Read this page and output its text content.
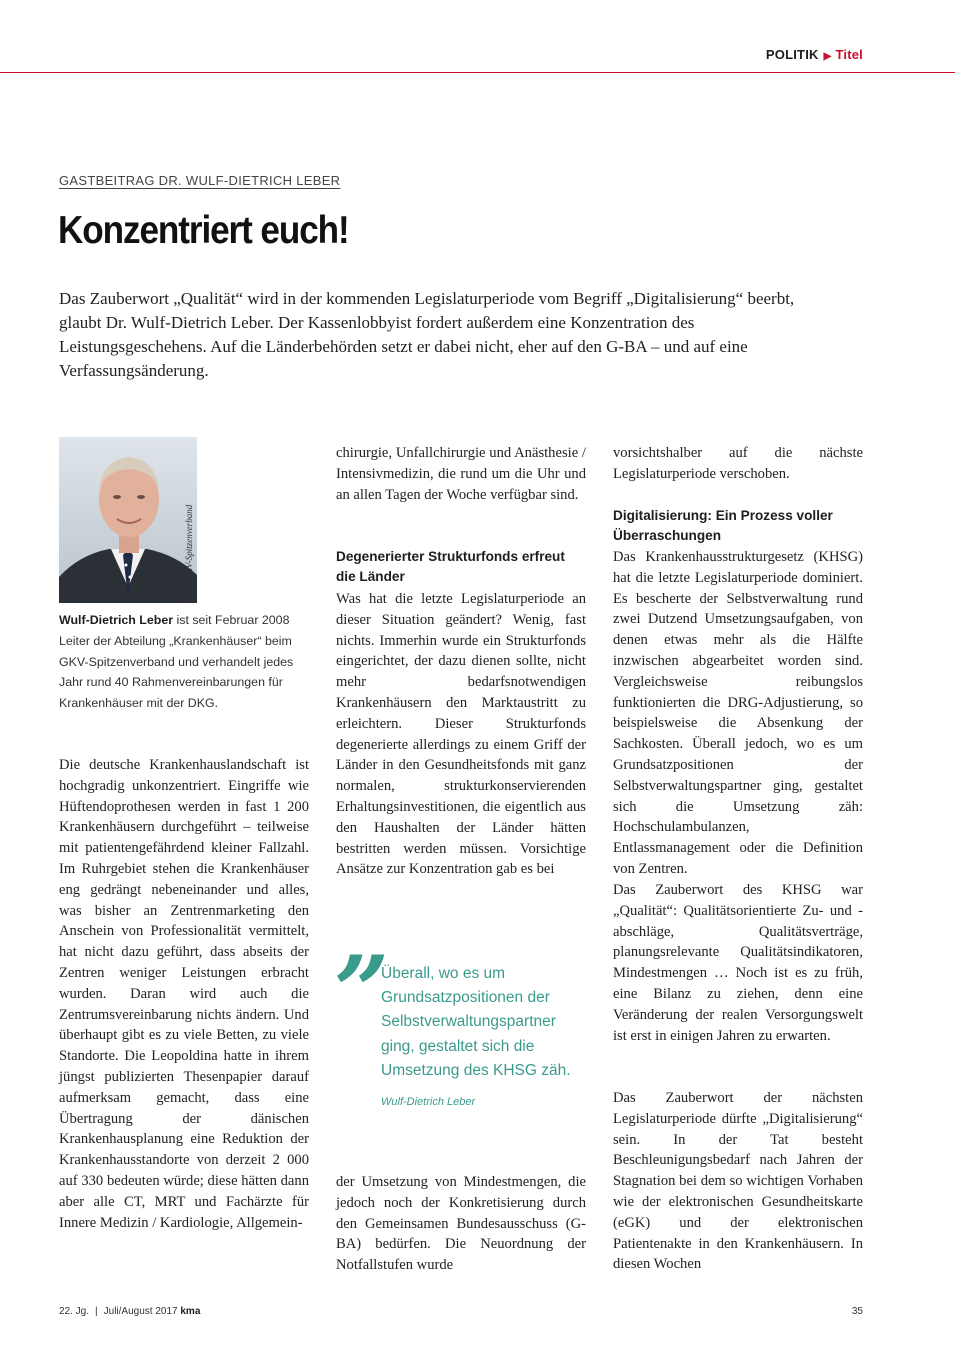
POLITIK ▶ Titel
GASTBEITRAG DR. WULF-DIETRICH LEBER
Konzentriert euch!

Das Zauberwort „Qualität“ wird in der kommenden Legislaturperiode vom Begriff „Digitalisierung“ beerbt, glaubt Dr. Wulf-Dietrich Leber. Der Kassenlobbyist fordert außerdem eine Konzentration des Leistungsgeschehens. Auf die Länderbehörden setzt er dabei nicht, eher auf den G-BA – und auf eine Verfassungsänderung.

Foto: GKV-Spitzenverband

Wulf-Dietrich Leber ist seit Februar 2008 Leiter der Abteilung „Krankenhäuser“ beim GKV-Spitzenverband und verhandelt jedes Jahr rund 40 Rahmenvereinbarungen für Krankenhäuser mit der DKG.

Die deutsche Krankenhauslandschaft ist hochgradig unkonzentriert. Eingriffe wie Hüftendoprothesen werden in fast 1 200 Krankenhäusern durchgeführt – teilweise mit patientengefährdend kleiner Fallzahl. Im Ruhrgebiet stehen die Krankenhäuser eng gedrängt nebeneinander und alles, was bisher an Zentrenmarketing den Anschein von Professionalität vermittelt, hat nicht dazu geführt, dass abseits der Zentren weniger Leistungen erbracht wurden. Daran wird auch die Zentrumsvereinbarung nichts ändern. Und überhaupt gibt es zu viele Betten, zu viele Standorte. Die Leopoldina hatte in ihrem jüngst publizierten Thesenpapier darauf aufmerksam gemacht, dass eine Übertragung der dänischen Krankenhausplanung eine Reduktion der Krankenhausstandorte von derzeit 2 000 auf 330 bedeuten würde; diese hätten dann aber alle CT, MRT und Fachärzte für Innere Medizin / Kardiologie, Allgemein-

chirurgie, Unfallchirurgie und Anästhesie / Intensivmedizin, die rund um die Uhr und an allen Tagen der Woche verfügbar sind.

Degenerierter Strukturfonds erfreut die Länder

Was hat die letzte Legislaturperiode an dieser Situation geändert? Wenig, fast nichts. Immerhin wurde ein Strukturfonds eingerichtet, der dazu dienen sollte, nicht mehr bedarfsnotwendigen Krankenhäusern den Marktaustritt zu erleichtern. Dieser Strukturfonds degenerierte allerdings zu einem Griff der Länder in den Gesundheitsfonds mit ganz normalen, strukturkonservierenden Erhaltungsinvestitionen, die eigentlich aus den Haushalten der Länder hätten bestritten werden müssen. Vorsichtige Ansätze zur Konzentration gab es bei

”

Überall, wo es um Grundsatzpositionen der Selbstverwaltungspartner ging, gestaltet sich die Umsetzung des KHSG zäh.

Wulf-Dietrich Leber

der Umsetzung von Mindestmengen, die jedoch noch der Konkretisierung durch den Gemeinsamen Bundesausschuss (G-BA) bedürfen. Die Neuordnung der Notfallstufen wurde

vorsichtshalber auf die nächste Legislaturperiode verschoben.

Digitalisierung: Ein Prozess voller Überraschungen

Das Krankenhausstrukturgesetz (KHSG) hat die letzte Legislaturperiode dominiert. Es bescherte der Selbstverwaltung rund zwei Dutzend Umsetzungsaufgaben, von denen etwas mehr als die Hälfte inzwischen abgearbeitet worden sind. Vergleichsweise reibungslos funktionierten die DRG-Adjustierung, so beispielsweise die Absenkung der Sachkosten. Überall jedoch, wo es um Grundsatzpositionen der Selbstverwaltungspartner ging, gestaltet sich die Umsetzung zäh: Hochschulambulanzen, Entlassmanagement oder die Definition von Zentren.

Das Zauberwort des KHSG war „Qualität“: Qualitätsorientierte Zu- und -abschläge, Qualitätsverträge, planungsrelevante Qualitätsindikatoren, Mindestmengen … Noch ist es zu früh, eine Bilanz zu ziehen, denn eine Veränderung der realen Versorgungswelt ist erst in einigen Jahren zu erwarten.

Das Zauberwort der nächsten Legislaturperiode dürfte „Digitalisierung“ sein. In der Tat besteht Beschleunigungsbedarf nach Jahren der Stagnation bei dem so wichtigen Vorhaben wie der elektronischen Gesundheitskarte (eGK) und der elektronischen Patientenakte in den Krankenhäusern. In diesen Wochen

22. Jg. | Juli/August 2017 kma	35
